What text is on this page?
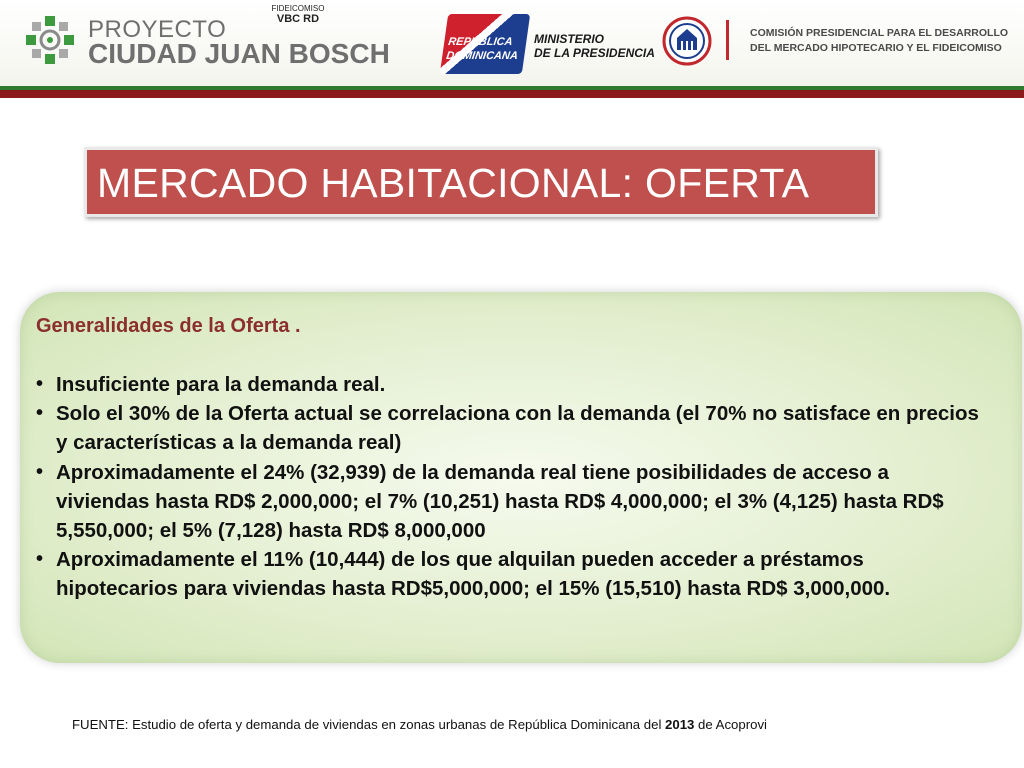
PROYECTO
CIUDAD JUAN BOSCH
FIDEICOMISO
VBC RD
REPÚBLICA
DOMINICANA
MINISTERIO
DE LA PRESIDENCIA
COMISIÓN PRESIDENCIAL PARA EL DESARROLLO
DEL MERCADO HIPOTECARIO Y EL FIDEICOMISO
MERCADO HABITACIONAL: OFERTA
Generalidades de la Oferta .
• Insuficiente para la demanda real.
• Solo el 30% de la Oferta actual se correlaciona con la demanda (el 70% no satisface en precios y características a la demanda real)
• Aproximadamente el 24% (32,939) de la demanda real tiene posibilidades de acceso a viviendas hasta RD$ 2,000,000; el 7% (10,251) hasta RD$ 4,000,000; el 3% (4,125) hasta RD$ 5,550,000; el 5% (7,128) hasta RD$ 8,000,000
• Aproximadamente el 11% (10,444) de los que alquilan pueden acceder a préstamos hipotecarios para viviendas hasta RD$5,000,000; el 15% (15,510) hasta RD$ 3,000,000.
FUENTE: Estudio de oferta y demanda de viviendas en zonas urbanas de República Dominicana del 2013 de Acoprovi
